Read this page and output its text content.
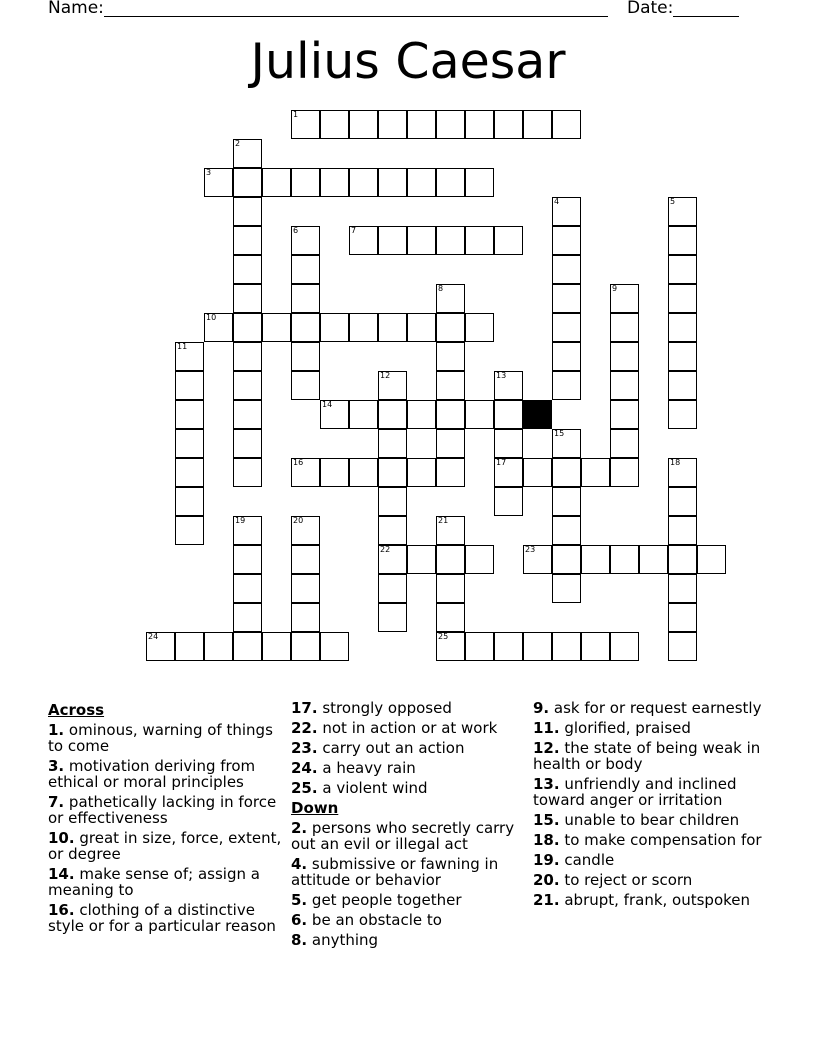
Name:	Date:
Julius Caesar
1
2
3
4	5
6	7
8	9
10
11
12
22
13
17
14
15
16	18
19	20	21
25
23
24
Across
1. ominous, warning of things to come
3. motivation deriving from ethical or moral principles
7. pathetically lacking in force or effectiveness
10. great in size, force, extent, or degree
14. make sense of; assign a meaning to
16. clothing of a distinctive style or for a particular reason
17. strongly opposed
22. not in action or at work
23. carry out an action
24. a heavy rain
25. a violent wind
Down
2. persons who secretly carry out an evil or illegal act
4. submissive or fawning in attitude or behavior
5. get people together
6. be an obstacle to
8. anything
9. ask for or request earnestly
11. glorified, praised
12. the state of being weak in health or body
13. unfriendly and inclined toward anger or irritation
15. unable to bear children
18. to make compensation for
19. candle
20. to reject or scorn
21. abrupt, frank, outspoken
